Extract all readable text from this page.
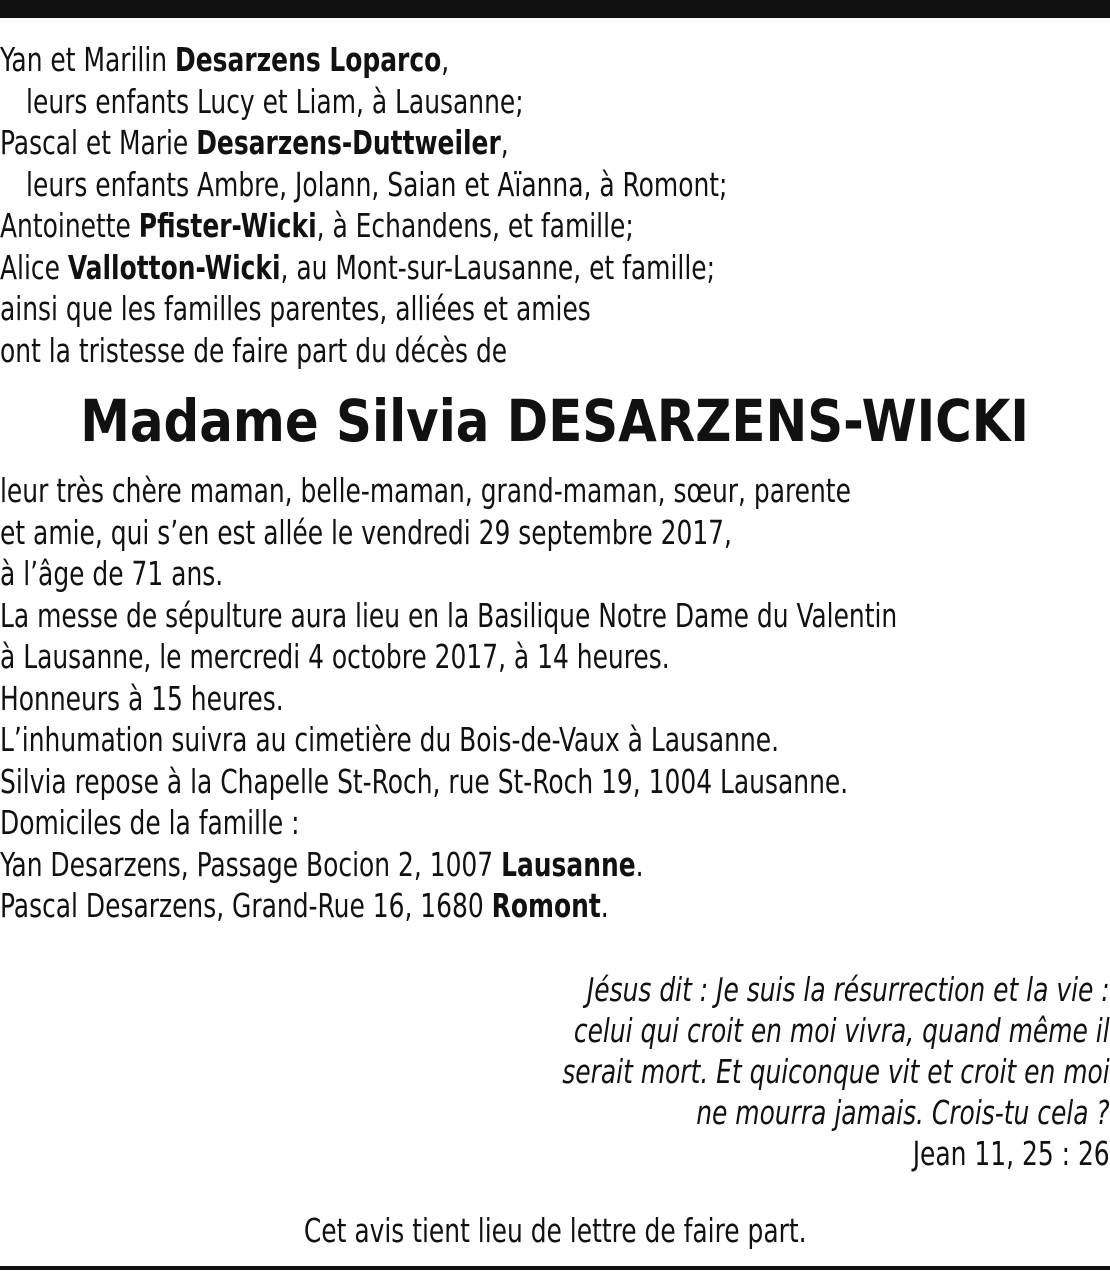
Yan et Marilin Desarzens Loparco,
leurs enfants Lucy et Liam, à Lausanne;
Pascal et Marie Desarzens-Duttweiler,
leurs enfants Ambre, Jolann, Saian et Aïanna, à Romont;
Antoinette Pfister-Wicki, à Echandens, et famille;
Alice Vallotton-Wicki, au Mont-sur-Lausanne, et famille;
ainsi que les familles parentes, alliées et amies
ont la tristesse de faire part du décès de
Madame Silvia DESARZENS-WICKI
leur très chère maman, belle-maman, grand-maman, sœur, parente
et amie, qui s’en est allée le vendredi 29 septembre 2017,
à l’âge de 71 ans.
La messe de sépulture aura lieu en la Basilique Notre Dame du Valentin
à Lausanne, le mercredi 4 octobre 2017, à 14 heures.
Honneurs à 15 heures.
L’inhumation suivra au cimetière du Bois-de-Vaux à Lausanne.
Silvia repose à la Chapelle St-Roch, rue St-Roch 19, 1004 Lausanne.
Domiciles de la famille :
Yan Desarzens, Passage Bocion 2, 1007 Lausanne.
Pascal Desarzens, Grand-Rue 16, 1680 Romont.
Jésus dit : Je suis la résurrection et la vie :
celui qui croit en moi vivra, quand même il
serait mort. Et quiconque vit et croit en moi
ne mourra jamais. Crois-tu cela ?
Jean 11, 25 : 26
Cet avis tient lieu de lettre de faire part.
